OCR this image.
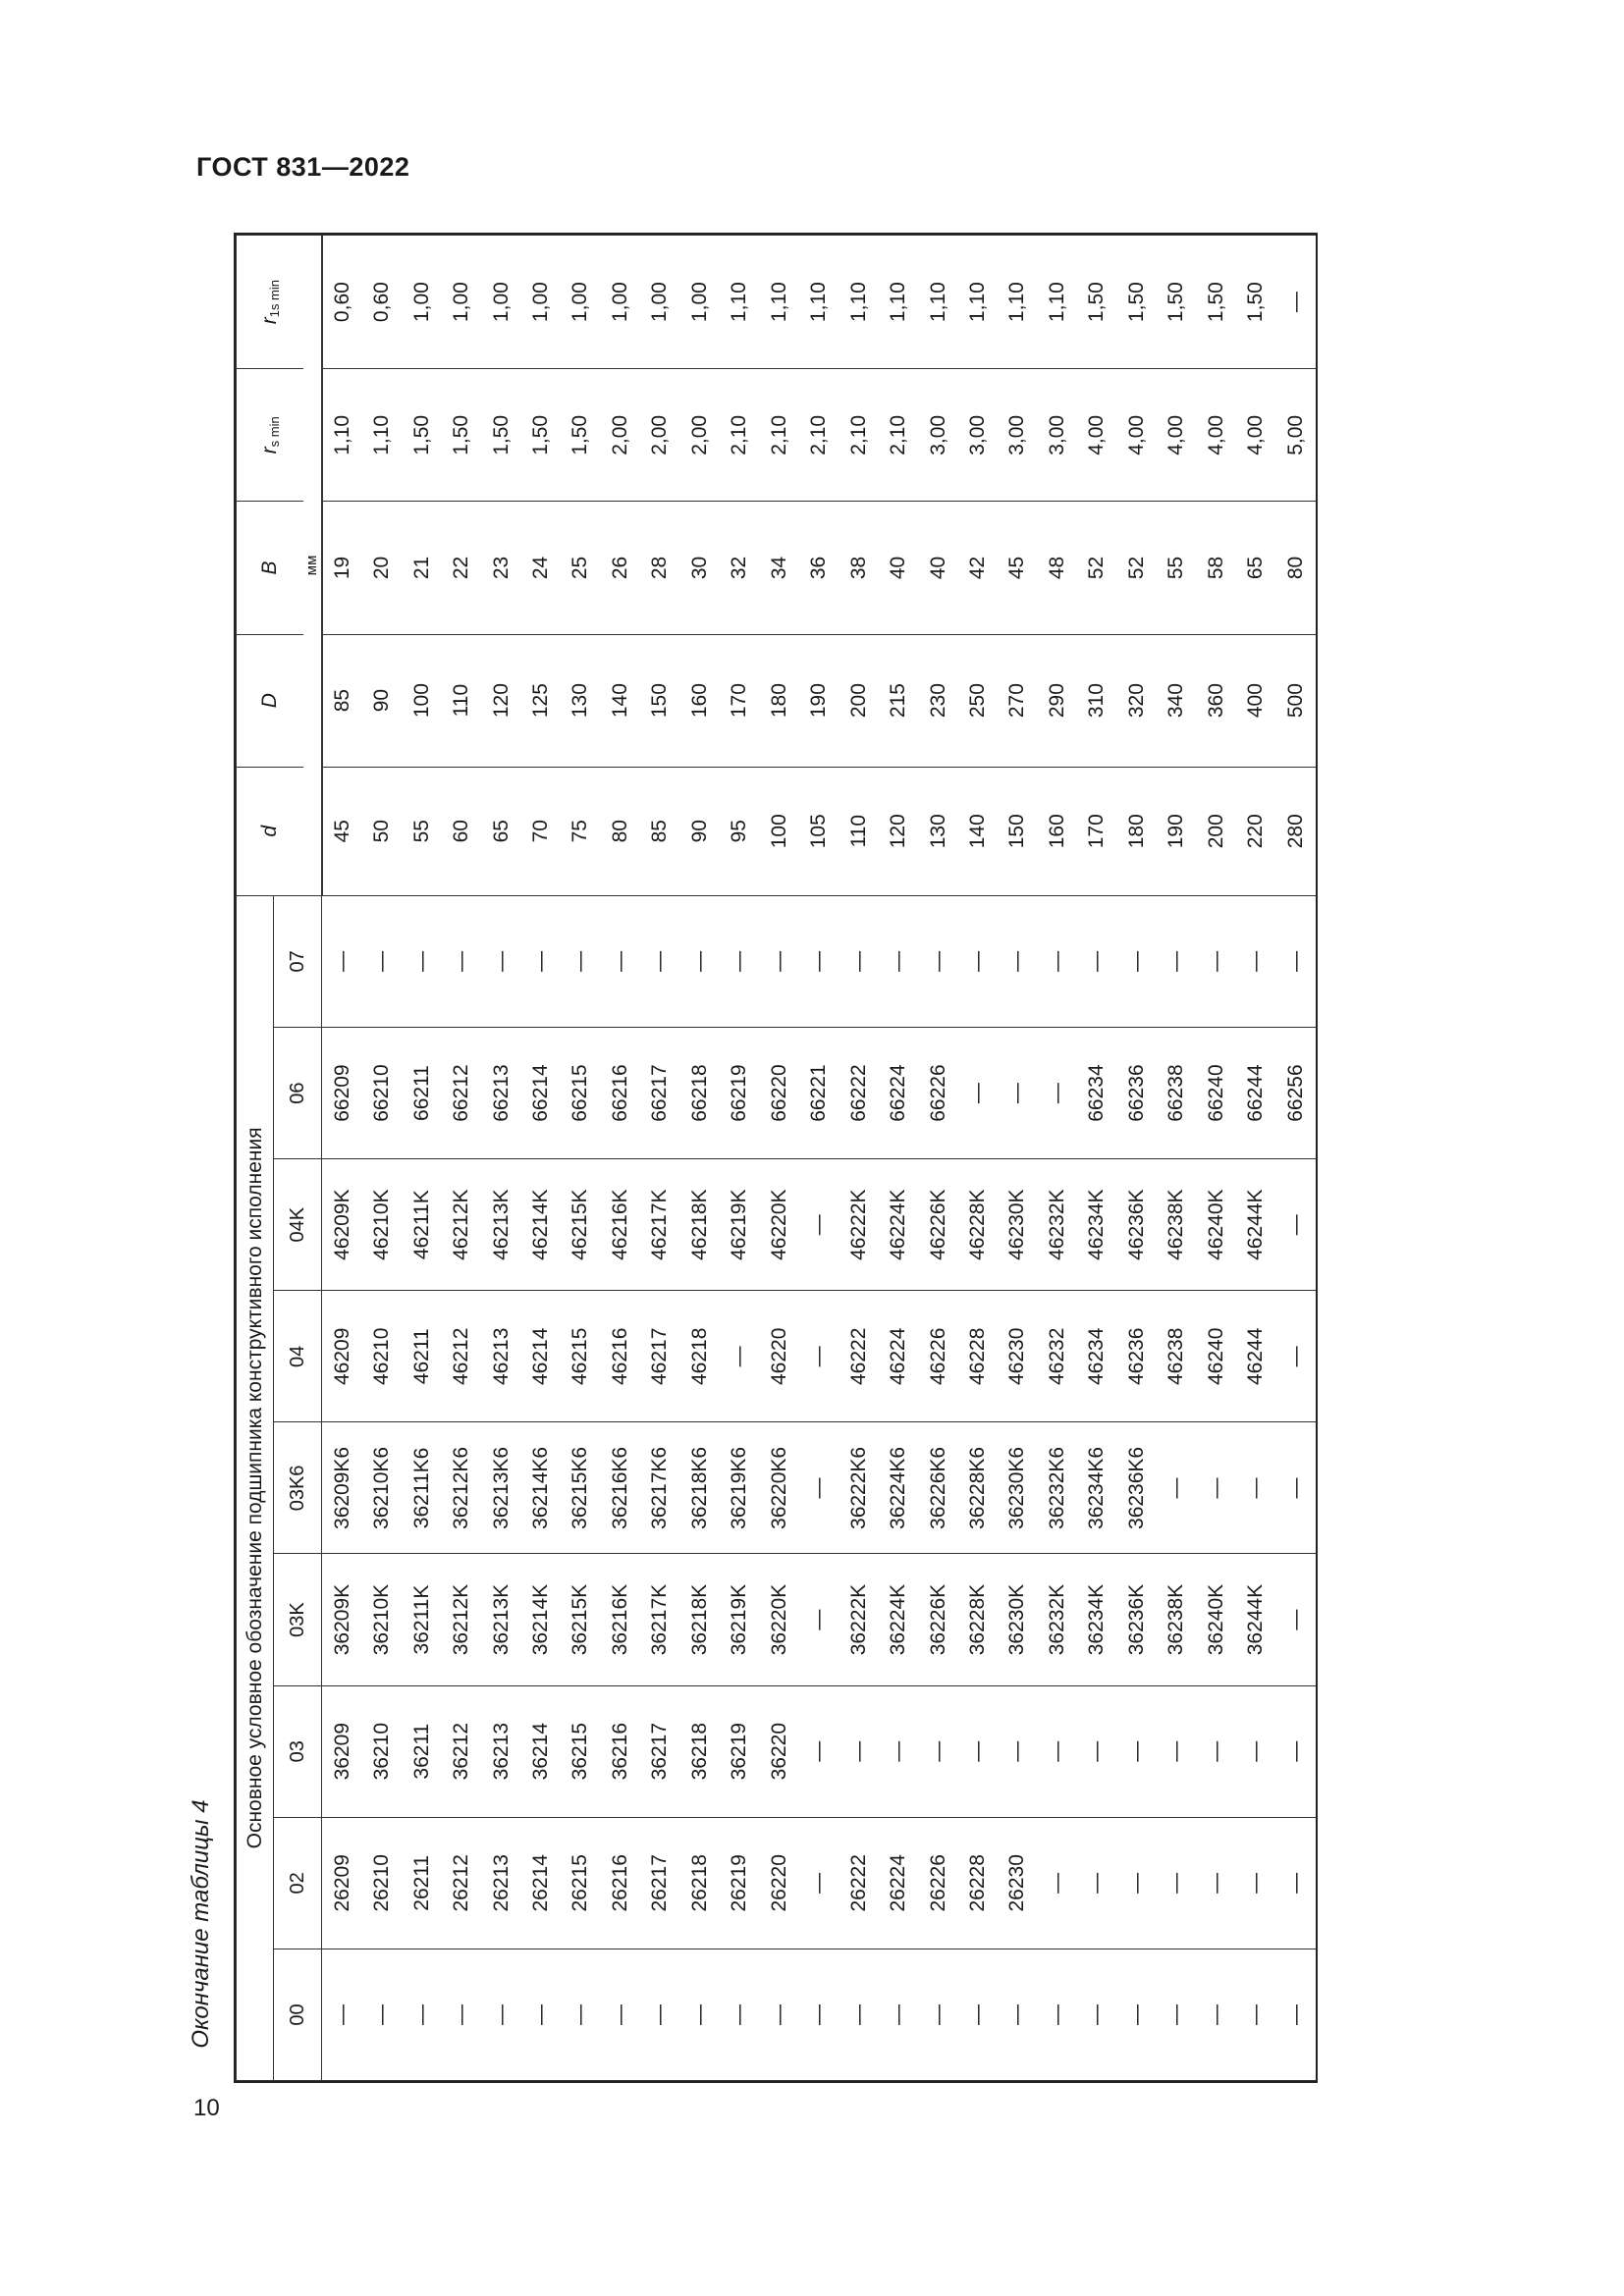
ГОСТ 831—2022
Окончание таблицы 4
Основное условное обозначение подшипника конструктивного исполнения									d	D	B	$r_{s min}$	$r_{1s min}$
00	02	03	03K	03K6	04	04K	06	07					
									мм				
—	26209	36209	36209K	36209K6	46209	46209K	66209	—	45	85	19	1,10	0,60
—	26210	36210	36210K	36210K6	46210	46210K	66210	—	50	90	20	1,10	0,60
—	26211	36211	36211K	36211K6	46211	46211K	66211	—	55	100	21	1,50	1,00
—	26212	36212	36212K	36212K6	46212	46212K	66212	—	60	110	22	1,50	1,00
—	26213	36213	36213K	36213K6	46213	46213K	66213	—	65	120	23	1,50	1,00
—	26214	36214	36214K	36214K6	46214	46214K	66214	—	70	125	24	1,50	1,00
—	26215	36215	36215K	36215K6	46215	46215K	66215	—	75	130	25	1,50	1,00
—	26216	36216	36216K	36216K6	46216	46216K	66216	—	80	140	26	2,00	1,00
—	26217	36217	36217K	36217K6	46217	46217K	66217	—	85	150	28	2,00	1,00
—	26218	36218	36218K	36218K6	46218	46218K	66218	—	90	160	30	2,00	1,00
—	26219	36219	36219K	36219K6	—	46219K	66219	—	95	170	32	2,10	1,10
—	26220	36220	36220K	36220K6	46220	46220K	66220	—	100	180	34	2,10	1,10
—	—	—	—	—	—	—	66221	—	105	190	36	2,10	1,10
—	26222	—	36222K	36222K6	46222	46222K	66222	—	110	200	38	2,10	1,10
—	26224	—	36224K	36224K6	46224	46224K	66224	—	120	215	40	2,10	1,10
—	26226	—	36226K	36226K6	46226	46226K	66226	—	130	230	40	3,00	1,10
—	26228	—	36228K	36228K6	46228	46228K	—	—	140	250	42	3,00	1,10
—	26230	—	36230K	36230K6	46230	46230K	—	—	150	270	45	3,00	1,10
—	—	—	36232K	36232K6	46232	46232K	—	—	160	290	48	3,00	1,10
—	—	—	36234K	36234K6	46234	46234K	66234	—	170	310	52	4,00	1,50
—	—	—	36236K	36236K6	46236	46236K	66236	—	180	320	52	4,00	1,50
—	—	—	36238K	—	46238	46238K	66238	—	190	340	55	4,00	1,50
—	—	—	36240K	—	46240	46240K	66240	—	200	360	58	4,00	1,50
—	—	—	36244K	—	46244	46244K	66244	—	220	400	65	4,00	1,50
—	—	—	—	—	—	—	66256	—	280	500	80	5,00	—
10
